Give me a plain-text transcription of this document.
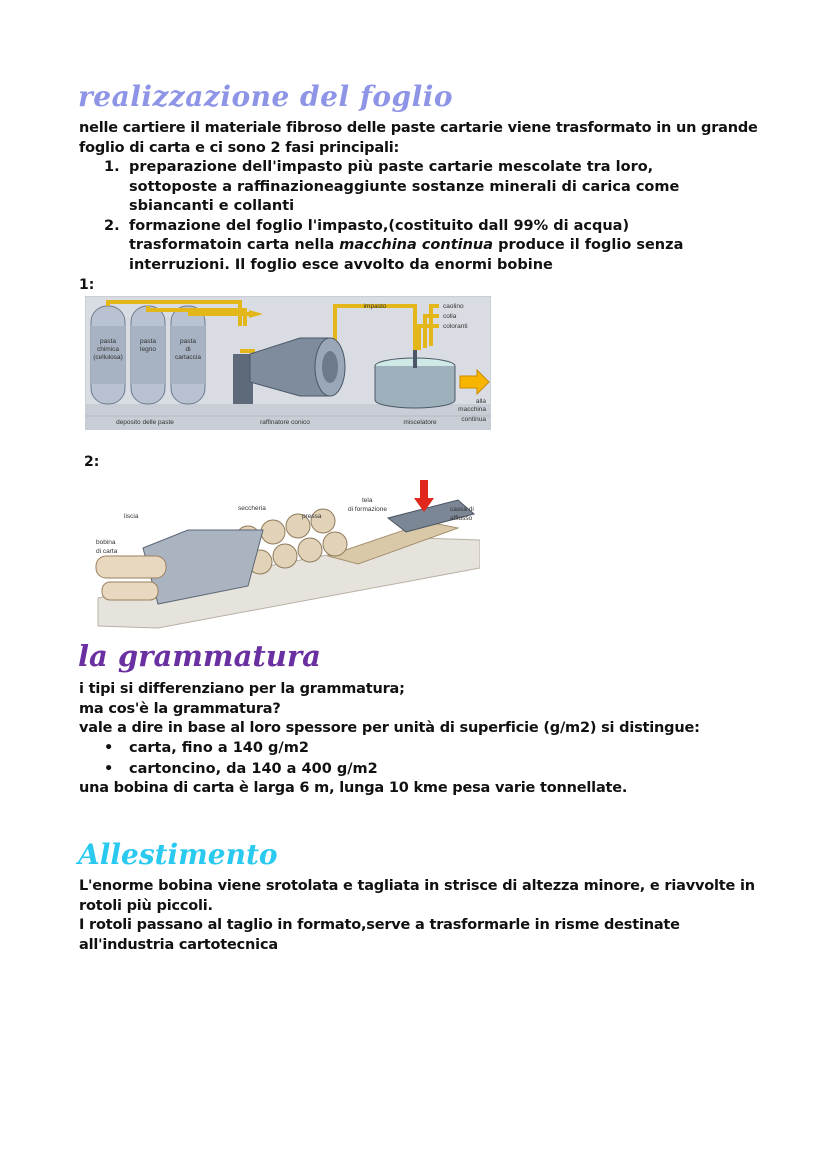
realizzazione del foglio
nelle cartiere il materiale fibroso delle paste cartarie viene trasformato in un grande foglio di carta e ci sono 2 fasi principali:
1. preparazione dell'impasto più paste cartarie mescolate tra loro, sottoposte a raffinazioneaggiunte sostanze minerali di carica come sbiancanti e collanti
2. formazione del foglio l'impasto,(costituito dall 99% di acqua) trasformatoin carta nella macchina continua produce il foglio senza interruzioni. Il foglio esce avvolto da enormi bobine
1:
pasta
chimica
(cellulosa)
pasta
legno
pasta
di
cartaccia
impasto	caolino
colla
coloranti
alla
macchina
continua
deposito delle paste	raffinatore conico	miscelatore
2:
liscia
seccheria
pressa
tela
di formazione	cassa di
afflusso
bobina
di carta
la grammatura
i tipi si differenziano per la grammatura;
ma cos'è la grammatura?
vale a dire in base al loro spessore per unità di superficie (g/m2) si distingue:
•	carta, fino a 140 g/m2
•	cartoncino, da 140 a 400 g/m2
una bobina di carta è larga 6 m, lunga 10 kme pesa varie tonnellate.
Allestimento
L'enorme bobina viene srotolata e tagliata in strisce di altezza minore, e riavvolte in rotoli più piccoli.
I rotoli passano al taglio in formato,serve a trasformarle in risme destinate all'industria cartotecnica
